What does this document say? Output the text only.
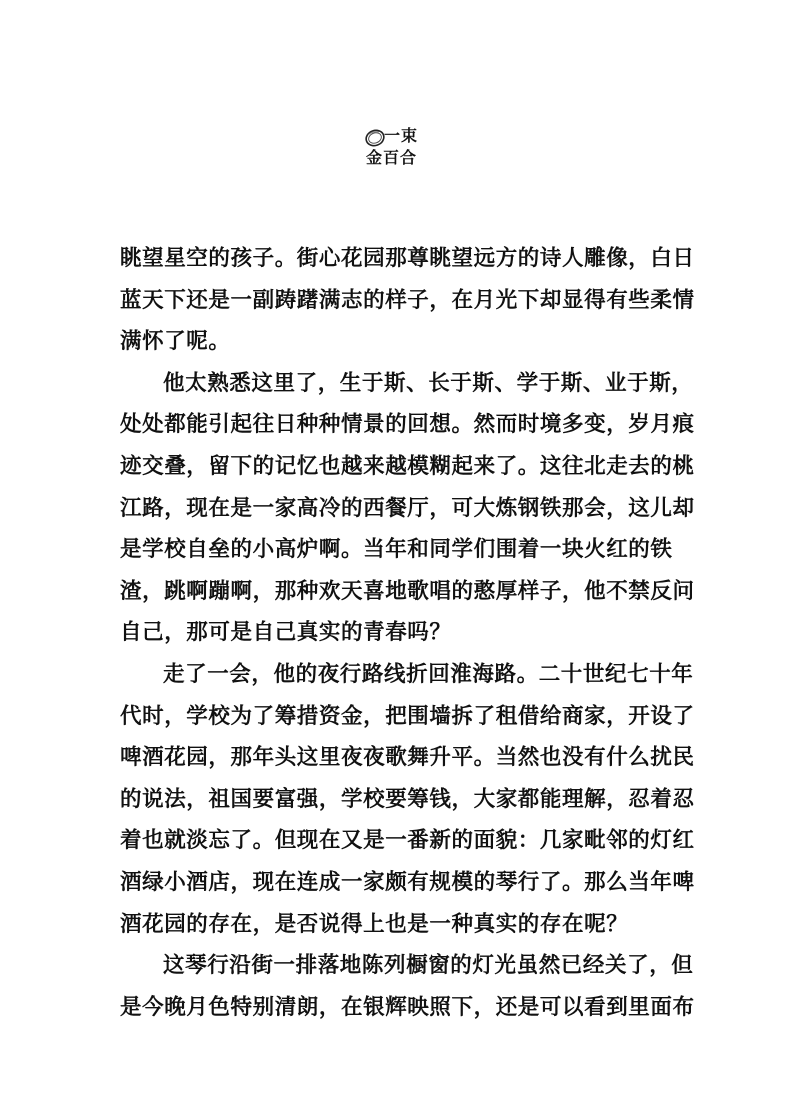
一束
金百合
眺望星空的孩子。街心花园那尊眺望远方的诗人雕像，白日
蓝天下还是一副踌躇满志的样子，在月光下却显得有些柔情
满怀了呢。
他太熟悉这里了，生于斯、长于斯、学于斯、业于斯，
处处都能引起往日种种情景的回想。然而时境多变，岁月痕
迹交叠，留下的记忆也越来越模糊起来了。这往北走去的桃
江路，现在是一家高冷的西餐厅，可大炼钢铁那会，这儿却
是学校自垒的小高炉啊。当年和同学们围着一块火红的铁
渣，跳啊蹦啊，那种欢天喜地歌唱的憨厚样子，他不禁反问
自己，那可是自己真实的青春吗？
走了一会，他的夜行路线折回淮海路。二十世纪七十年
代时，学校为了筹措资金，把围墙拆了租借给商家，开设了
啤酒花园，那年头这里夜夜歌舞升平。当然也没有什么扰民
的说法，祖国要富强，学校要筹钱，大家都能理解，忍着忍
着也就淡忘了。但现在又是一番新的面貌：几家毗邻的灯红
酒绿小酒店，现在连成一家颇有规模的琴行了。那么当年啤
酒花园的存在，是否说得上也是一种真实的存在呢？
这琴行沿街一排落地陈列橱窗的灯光虽然已经关了，但
是今晚月色特别清朗，在银辉映照下，还是可以看到里面布
